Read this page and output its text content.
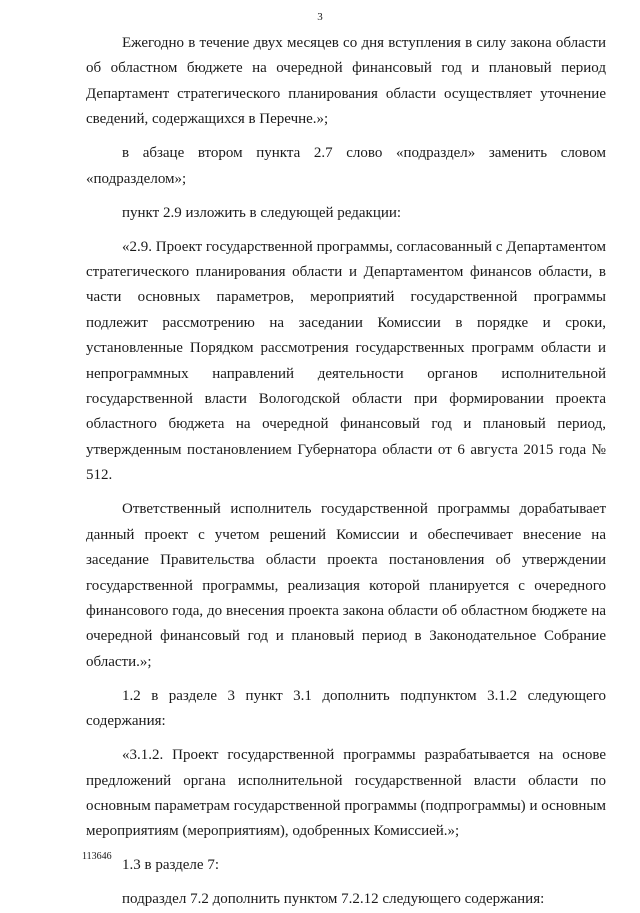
3

Ежегодно в течение двух месяцев со дня вступления в силу закона области об областном бюджете на очередной финансовый год и плановый период Департамент стратегического планирования области осуществляет уточнение сведений, содержащихся в Перечне.»;

в абзаце втором пункта 2.7 слово «подраздел» заменить словом «подразделом»;

пункт 2.9 изложить в следующей редакции:

«2.9. Проект государственной программы, согласованный с Департаментом стратегического планирования области и Департаментом финансов области, в части основных параметров, мероприятий государственной программы подлежит рассмотрению на заседании Комиссии в порядке и сроки, установленные Порядком рассмотрения государственных программ области и непрограммных направлений деятельности органов исполнительной государственной власти Вологодской области при формировании проекта областного бюджета на очередной финансовый год и плановый период, утвержденным постановлением Губернатора области от 6 августа 2015 года № 512.

Ответственный исполнитель государственной программы дорабатывает данный проект с учетом решений Комиссии и обеспечивает внесение на заседание Правительства области проекта постановления об утверждении государственной программы, реализация которой планируется с очередного финансового года, до внесения проекта закона области об областном бюджете на очередной финансовый год и плановый период в Законодательное Собрание области.»;

1.2 в разделе 3 пункт 3.1 дополнить подпунктом 3.1.2 следующего содержания:

«3.1.2. Проект государственной программы разрабатывается на основе предложений органа исполнительной государственной власти области по основным параметрам государственной программы (подпрограммы) и основным мероприятиям (мероприятиям), одобренных Комиссией.»;

1.3 в разделе 7:

подраздел 7.2 дополнить пунктом 7.2.12 следующего содержания:

113646
